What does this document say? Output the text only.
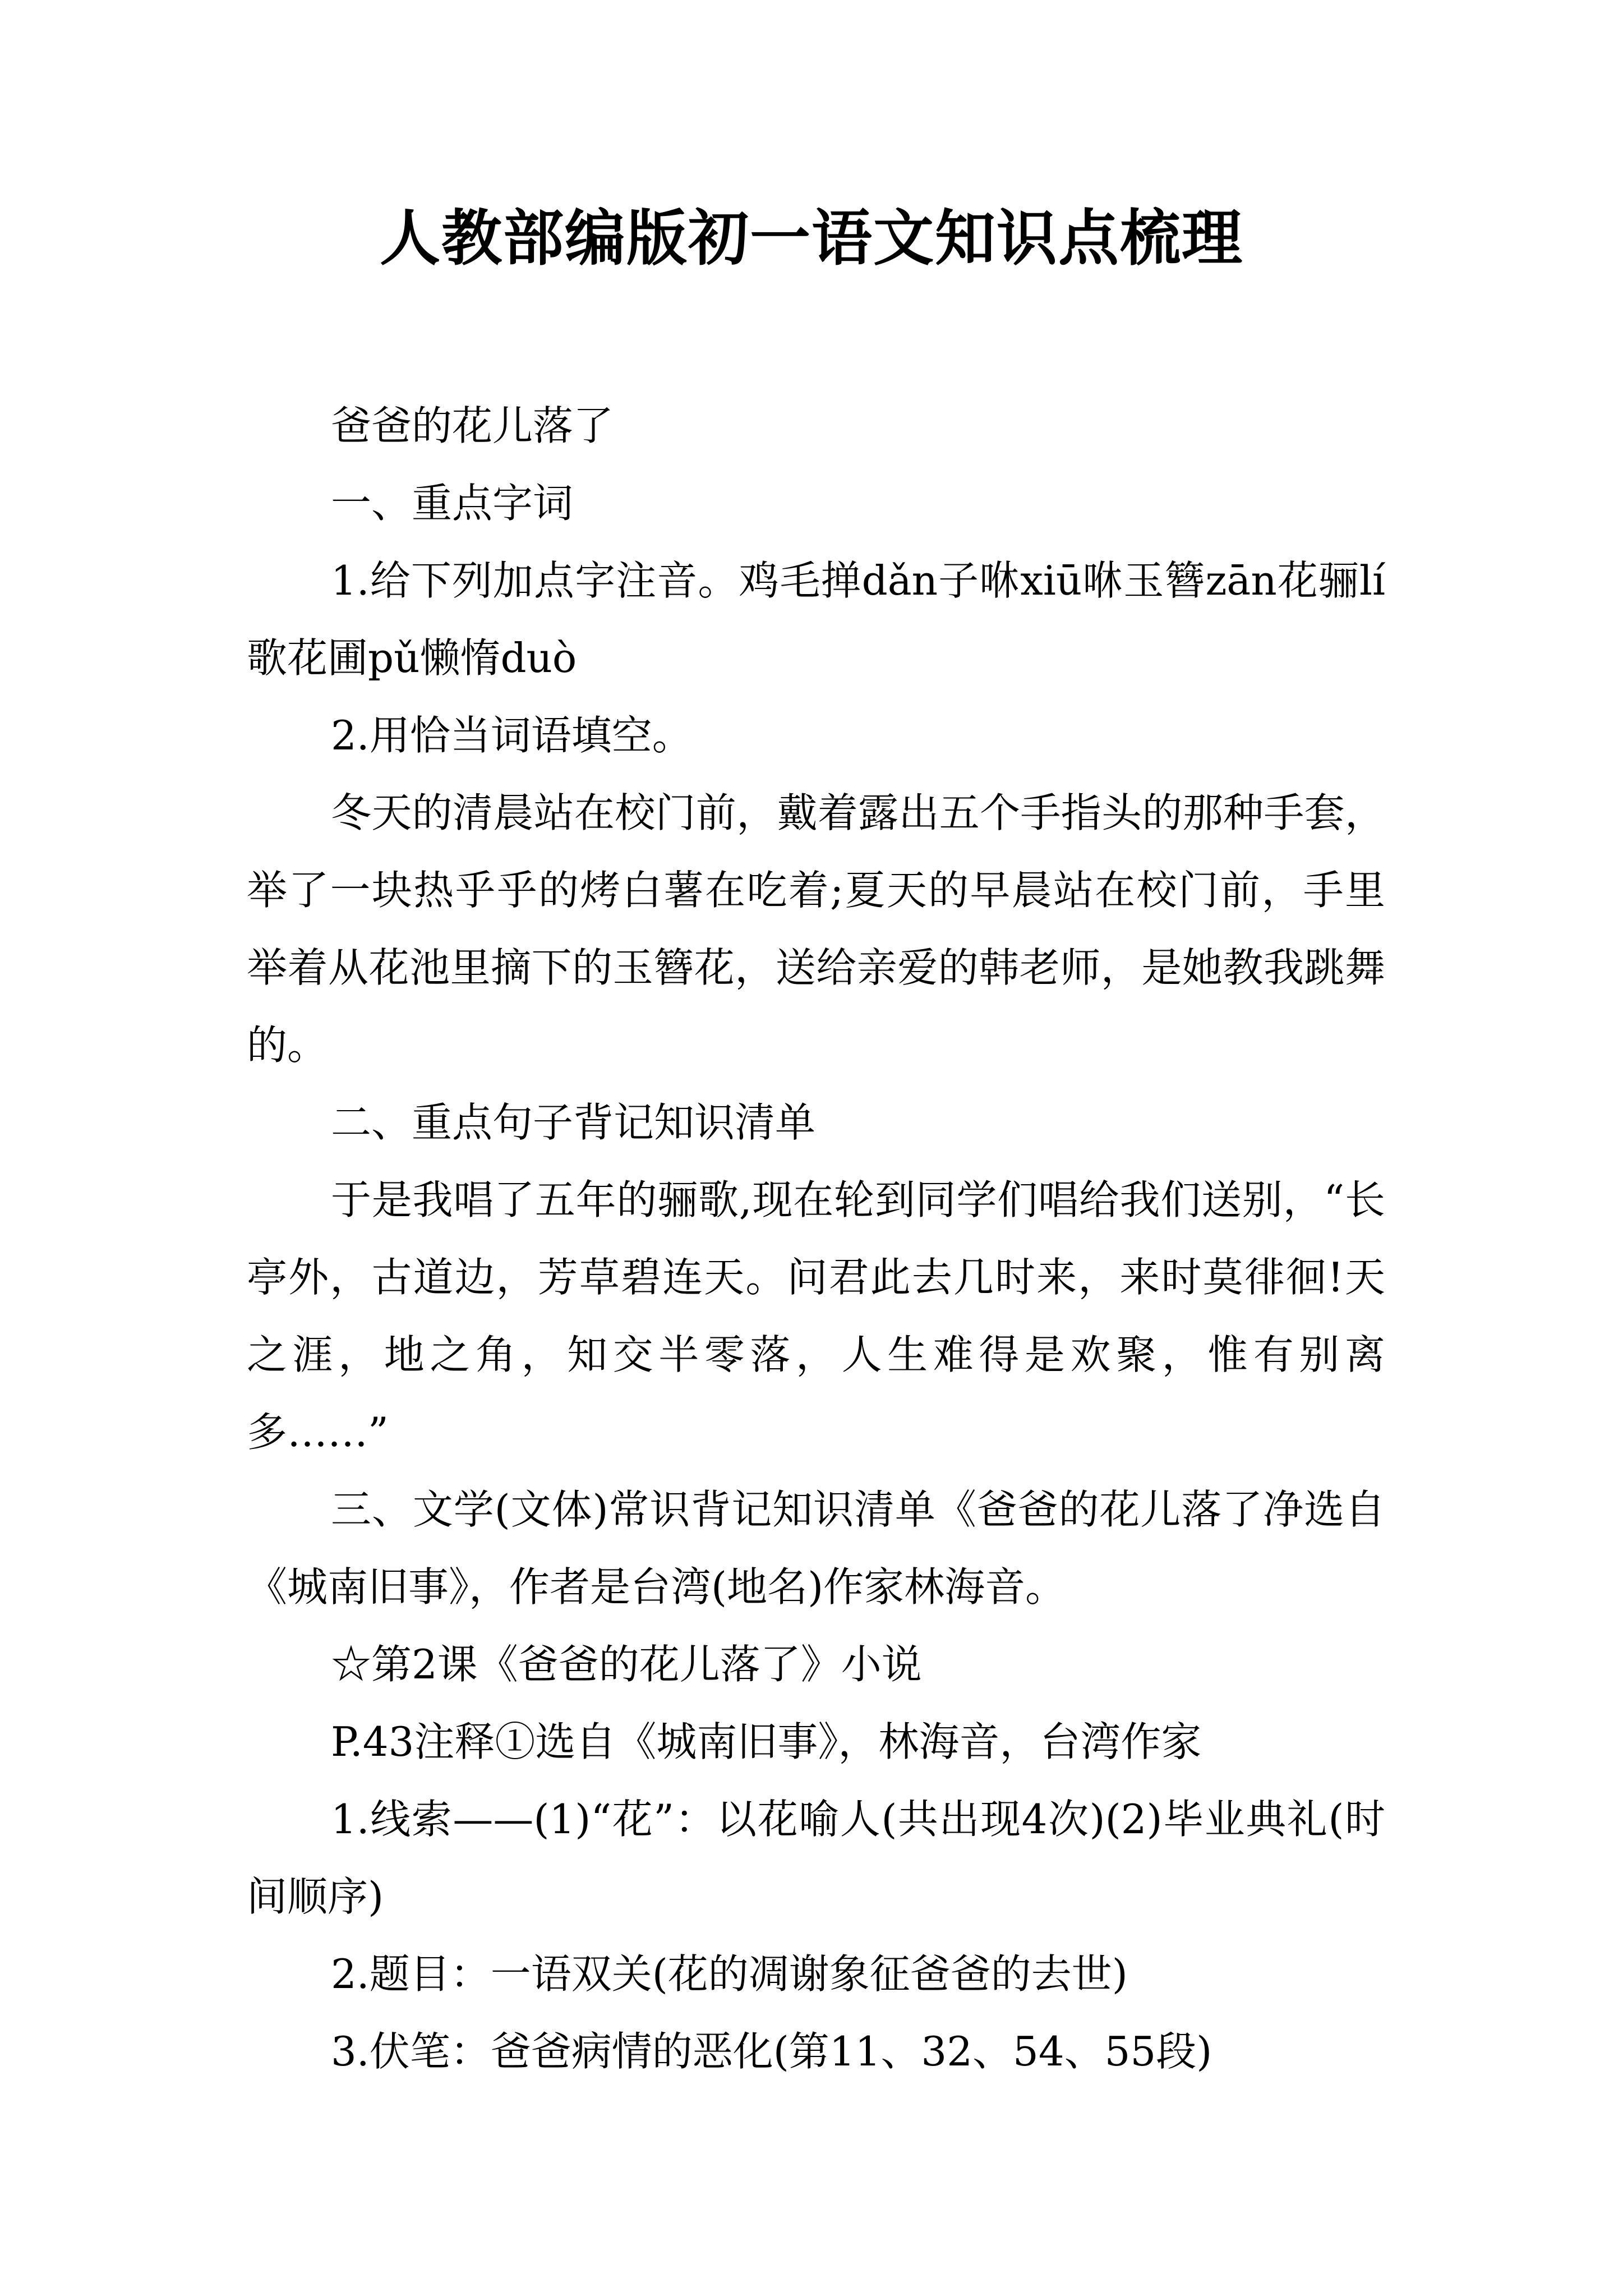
人教部编版初一语文知识点梳理

爸爸的花儿落了

一、重点字词

1.给下列加点字注音。鸡毛掸dǎn子咻xiū咻玉簪zān花骊lí歌花圃pǔ懒惰duò

2.用恰当词语填空。

冬天的清晨站在校门前，戴着露出五个手指头的那种手套，举了一块热乎乎的烤白薯在吃着;夏天的早晨站在校门前，手里举着从花池里摘下的玉簪花，送给亲爱的韩老师，是她教我跳舞的。

二、重点句子背记知识清单

于是我唱了五年的骊歌,现在轮到同学们唱给我们送别，“长亭外，古道边，芳草碧连天。问君此去几时来，来时莫徘徊!天之涯，地之角，知交半零落，人生难得是欢聚，惟有别离多……”

三、文学(文体)常识背记知识清单《爸爸的花儿落了净选自《城南旧事》，作者是台湾(地名)作家林海音。

☆第2课《爸爸的花儿落了》小说

P.43注释①选自《城南旧事》，林海音，台湾作家

1.线索——(1)“花”：以花喻人(共出现4次)(2)毕业典礼(时间顺序)

2.题目：一语双关(花的凋谢象征爸爸的去世)

3.伏笔：爸爸病情的恶化(第11、32、54、55段)
